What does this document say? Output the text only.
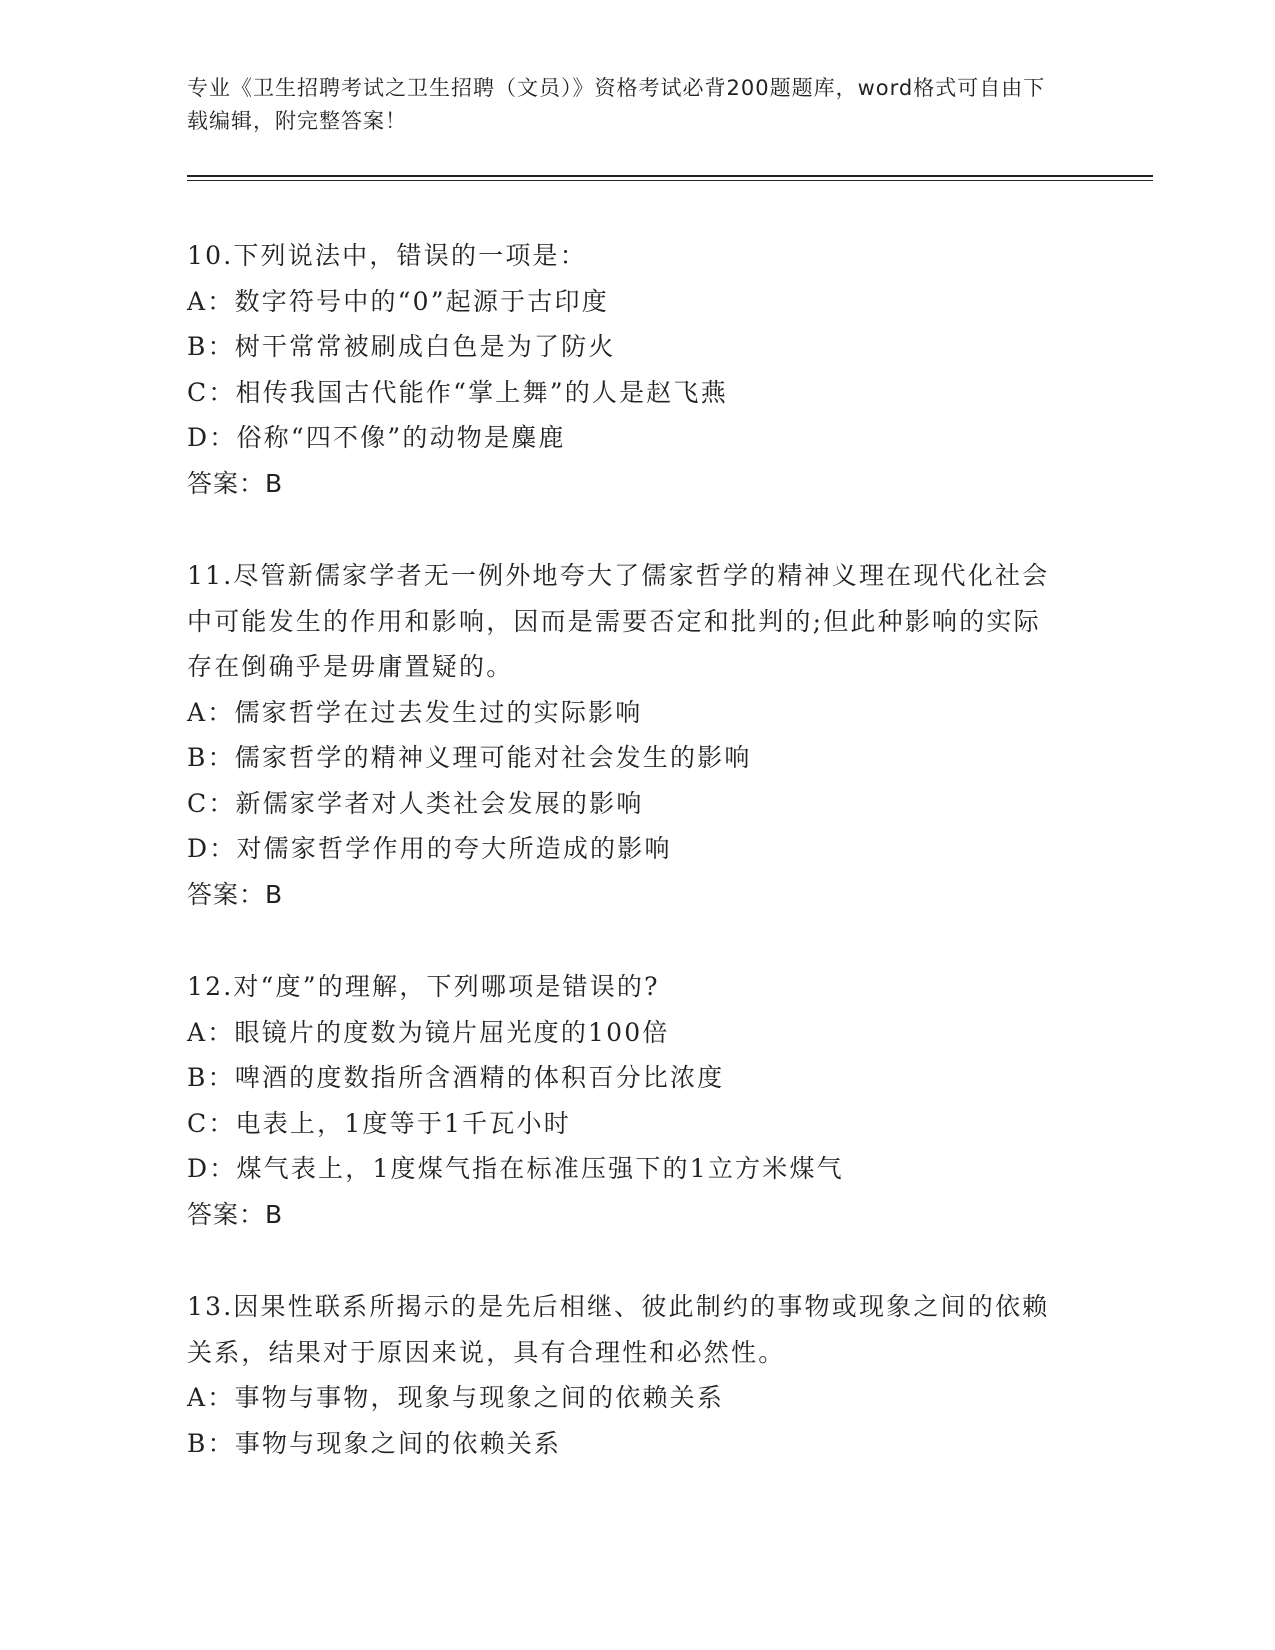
专业《卫生招聘考试之卫生招聘（文员）》资格考试必背200题题库，word格式可自由下载编辑，附完整答案！

10.下列说法中，错误的一项是：

A：数字符号中的“0”起源于古印度

B：树干常常被刷成白色是为了防火

C：相传我国古代能作“掌上舞”的人是赵飞燕

D：俗称“四不像”的动物是麋鹿

答案：B

11.尽管新儒家学者无一例外地夸大了儒家哲学的精神义理在现代化社会中可能发生的作用和影响，因而是需要否定和批判的;但此种影响的实际存在倒确乎是毋庸置疑的。

A：儒家哲学在过去发生过的实际影响

B：儒家哲学的精神义理可能对社会发生的影响

C：新儒家学者对人类社会发展的影响

D：对儒家哲学作用的夸大所造成的影响

答案：B

12.对“度”的理解，下列哪项是错误的?

A：眼镜片的度数为镜片屈光度的100倍

B：啤酒的度数指所含酒精的体积百分比浓度

C：电表上，1度等于1千瓦小时

D：煤气表上，1度煤气指在标准压强下的1立方米煤气

答案：B

13.因果性联系所揭示的是先后相继、彼此制约的事物或现象之间的依赖关系，结果对于原因来说，具有合理性和必然性。

A：事物与事物，现象与现象之间的依赖关系

B：事物与现象之间的依赖关系
